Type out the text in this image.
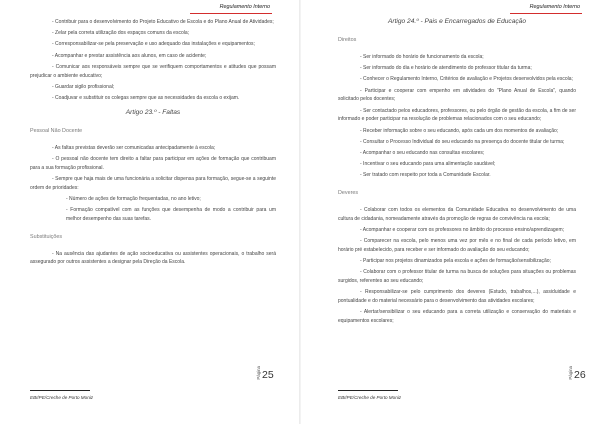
Regulamento Interno
- Contribuir para o desenvolvimento do Projeto Educativo de Escola e do Plano Anual de Atividades;
- Zelar pela correta utilização dos espaços comuns da escola;
- Corresponsabilizar-se pela preservação e uso adequado das instalações e equipamentos;
- Acompanhar e prestar assistência aos alunos, em caso de acidente;
- Comunicar aos responsáveis sempre que se verifiquem comportamentos e atitudes que possam prejudicar o ambiente educativo;
- Guardar sigilo profissional;
- Coadjuvar e substituir os colegas sempre que as necessidades da escola o exijam.
Artigo 23.º - Faltas
Pessoal Não Docente
- As faltas previstas deverão ser comunicadas antecipadamente à escola;
- O pessoal não docente tem direito a faltar para participar em ações de formação que contribuam para a sua formação profissional.
- Sempre que haja mais de uma funcionária a solicitar dispensa para formação, segue-se a seguinte ordem de prioridades:
- Número de ações de formação frequentadas, no ano letivo;
- Formação compatível com as funções que desempenha de modo a contribuir para um melhor desempenho das suas tarefas.
Substituições
- Na ausência das ajudantes de ação socioeducativa ou assistentes operacionais, o trabalho será assegurado por outros assistentes a designar pela Direção da Escola.
Página 25
EBI/PE/Creche de Porto Moniz
Regulamento Interno
Artigo 24.º - Pais e Encarregados de Educação
Direitos
- Ser informado do horário de funcionamento da escola;
- Ser informado do dia e horário de atendimento do professor titular da turma;
- Conhecer o Regulamento Interno, Critérios de avaliação e Projetos desenvolvidos pela escola;
- Participar e cooperar com empenho em atividades do "Plano Anual de Escola", quando solicitado pelos docentes;
- Ser contactado pelos educadores, professores, ou pelo órgão de gestão da escola, a fim de ser informado e poder participar na resolução de problemas relacionados com o seu educando;
- Receber informação sobre o seu educando, após cada um dos momentos de avaliação;
- Consultar o Processo Individual do seu educando na presença do docente titular de turma;
- Acompanhar o seu educando nas consultas escolares;
- Incentivar o seu educando para uma alimentação saudável;
- Ser tratado com respeito por toda a Comunidade Escolar.
Deveres
- Colaborar com todos os elementos da Comunidade Educativa no desenvolvimento de uma cultura de cidadania, nomeadamente através da promoção de regras de convivência na escola;
- Acompanhar e cooperar com os professores no âmbito do processo ensino/aprendizagem;
- Comparecer na escola, pelo menos uma vez por mês e no final de cada período letivo, em horário pré estabelecido, para receber e ser informado do avaliação do seu educando;
- Participar nos projetos dinamizados pela escola e ações de formação/sensibilização;
- Colaborar com o professor titular de turma na busca de soluções para situações ou problemas surgidos, referentes ao seu educando;
- Responsabilizar-se pelo cumprimento dos deveres (Estudo, trabalhos,...), assiduidade e pontualidade e do material necessário para o desenvolvimento das atividades escolares;
- Alertar/sensibilizar o seu educando para a correta utilização e conservação do materiais e equipamentos escolares;
Página 26
EBI/PE/Creche de Porto Moniz
